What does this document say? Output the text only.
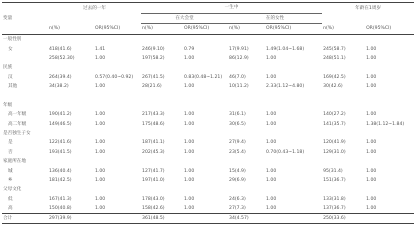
变量	过去的一年		一生中				年龄在1周岁	
			在大会堂		在的女性			
	n(%)	OR(95%CI)	n(%)	OR(95%CI)	n(%)	OR(95%CI)	n(%)	OR(95%CI)
一般性别								
女	418(41.6)	1.41	246(9.10)	0.79	17(9.91)	1.49(1.04~1.68)	245(58.7)	1.00
	258(52.30)	1.00	197(58.2)	1.00	86(12.9)	1.00	248(51.1)	1.00
民族								
汉	264(39.4)	0.57(0.40~0.92)	267(41.5)	0.83(0.48~1.21)	46(7.0)	1.00	169(42.5)	1.00
其他	34(38.2)	1.00	28(21.6)	1.00	10(11.2)	2.33(1.12~4.80)	30(42.6)	1.00

年级								
高一年级	190(41.2)	1.00	217(43.3)	1.00	31(6.1)	1.00	140(27.2)	1.00
高二年级	149(46.5)	1.00	175(48.6)	1.00	30(6.5)	1.00	141(35.7)	1.38(1.12~1.84)
是否独生子女								
是	122(41.6)	1.00	187(41.1)	1.00	27(9.4)	1.00	120(41.9)	1.00
否	193(41.5)	1.00	202(45.3)	1.00	23(5.4)	0.70(0.43~1.18)	129(31.0)	1.00
家庭所在地								
城	136(40.4)	1.00	127(41.7)	1.00	15(4.9)	1.00	95(31.4)	1.00
乡	181(42.5)	1.00	197(41.0)	1.00	29(6.9)	1.00	151(36.7)	1.00
父母文化								
低	167(41.3)	1.00	178(43.0)	1.00	24(6.3)	1.00	133(31.8)	1.00
高	150(40.8)	1.00	158(42.6)	1.00	27(7.3)	1.00	137(36.7)	1.00
合计	297(39.9)		361(48.5)		34(4.57)		250(33.6)	
